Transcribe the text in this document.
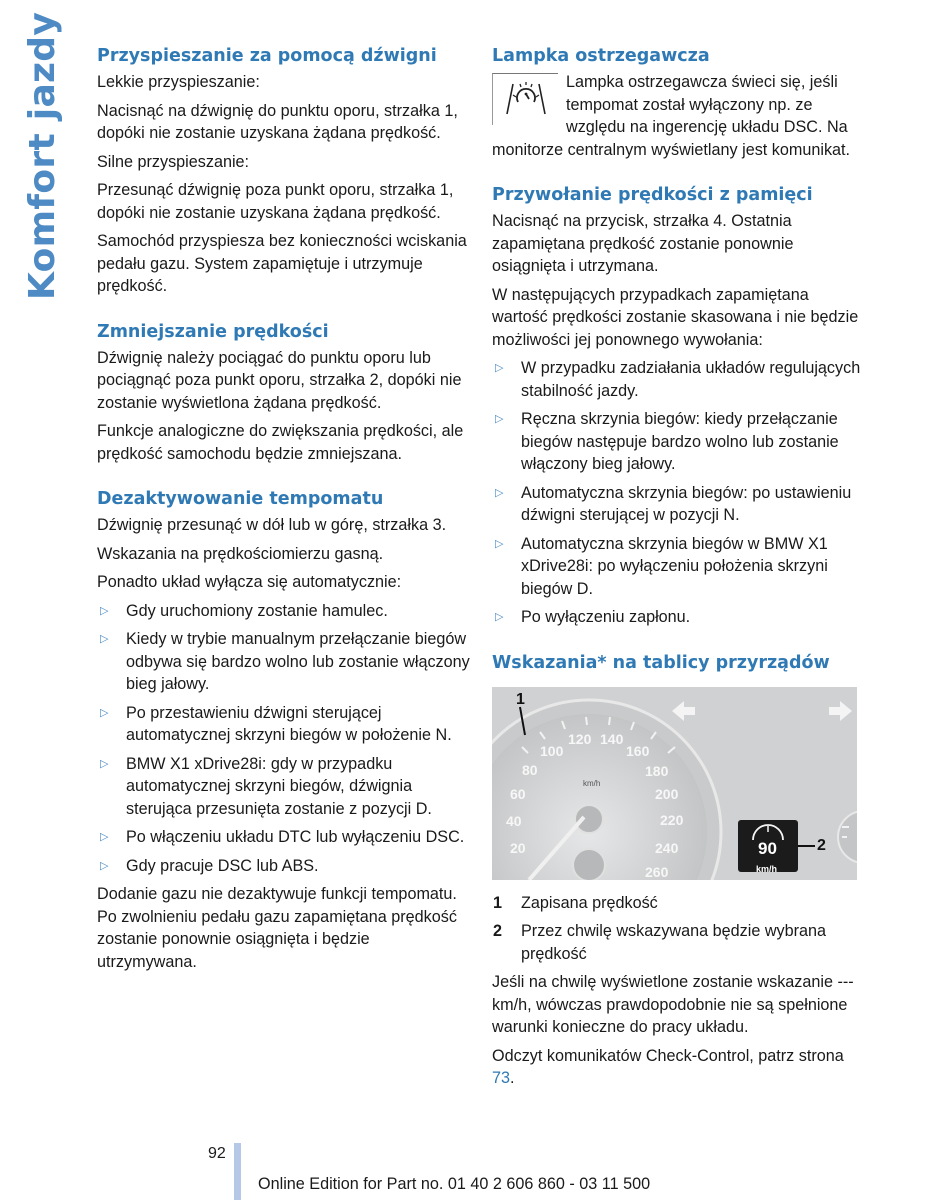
Komfort jazdy Przyspieszanie za pomocą dźwigni

Lekkie przyspieszanie:

Nacisnąć na dźwignię do punktu oporu, strzałka 1, dopóki nie zostanie uzyskana żądana prędkość.

Silne przyspieszanie:

Przesunąć dźwignię poza punkt oporu, strzałka 1, dopóki nie zostanie uzyskana żądana prędkość.

Samochód przyspiesza bez konieczności wciskania pedału gazu. System zapamiętuje i utrzymuje prędkość.

Zmniejszanie prędkości

Dźwignię należy pociągać do punktu oporu lub pociągnąć poza punkt oporu, strzałka 2, dopóki nie zostanie wyświetlona żądana prędkość.

Funkcje analogiczne do zwiększania prędkości, ale prędkość samochodu będzie zmniejszana.

Dezaktywowanie tempomatu

Dźwignię przesunąć w dół lub w górę, strzałka 3.

Wskazania na prędkościomierzu gasną.

Ponadto układ wyłącza się automatycznie:

▷ Gdy uruchomiony zostanie hamulec.
▷ Kiedy w trybie manualnym przełączanie biegów odbywa się bardzo wolno lub zostanie włączony bieg jałowy.
▷ Po przestawieniu dźwigni sterującej automatycznej skrzyni biegów w położenie N.
▷ BMW X1 xDrive28i: gdy w przypadku automatycznej skrzyni biegów, dźwignia sterująca przesunięta zostanie z pozycji D.
▷ Po włączeniu układu DTC lub wyłączeniu DSC.
▷ Gdy pracuje DSC lub ABS.

Dodanie gazu nie dezaktywuje funkcji tempomatu. Po zwolnieniu pedału gazu zapamiętana prędkość zostanie ponownie osiągnięta i będzie utrzymywana.

Lampka ostrzegawcza

Lampka ostrzegawcza świeci się, jeśli tempomat został wyłączony np. ze względu na ingerencję układu DSC. Na monitorze centralnym wyświetlany jest komunikat.

Przywołanie prędkości z pamięci

Nacisnąć na przycisk, strzałka 4. Ostatnia zapamiętana prędkość zostanie ponownie osiągnięta i utrzymana.

W następujących przypadkach zapamiętana wartość prędkości zostanie skasowana i nie będzie możliwości jej ponownego wywołania:

▷ W przypadku zadziałania układów regulujących stabilność jazdy.
▷ Ręczna skrzynia biegów: kiedy przełączanie biegów następuje bardzo wolno lub zostanie włączony bieg jałowy.
▷ Automatyczna skrzynia biegów: po ustawieniu dźwigni sterującej w pozycji N.
▷ Automatyczna skrzynia biegów w BMW X1 xDrive28i: po wyłączeniu położenia skrzyni biegów D.
▷ Po wyłączeniu zapłonu.
Wskazania* na tablicy przyrządów
1
2
20
40
60
80
100
120 140
160
180
200
220
240
260
km/h
90
km/h
1 Zapisana prędkość
2 Przez chwilę wskazywana będzie wybrana prędkość

Jeśli na chwilę wyświetlone zostanie wskazanie --- km/h, wówczas prawdopodobnie nie są spełnione warunki konieczne do pracy układu.

Odczyt komunikatów Check-Control, patrz strona 73.

92
Online Edition for Part no. 01 40 2 606 860 - 03 11 500
